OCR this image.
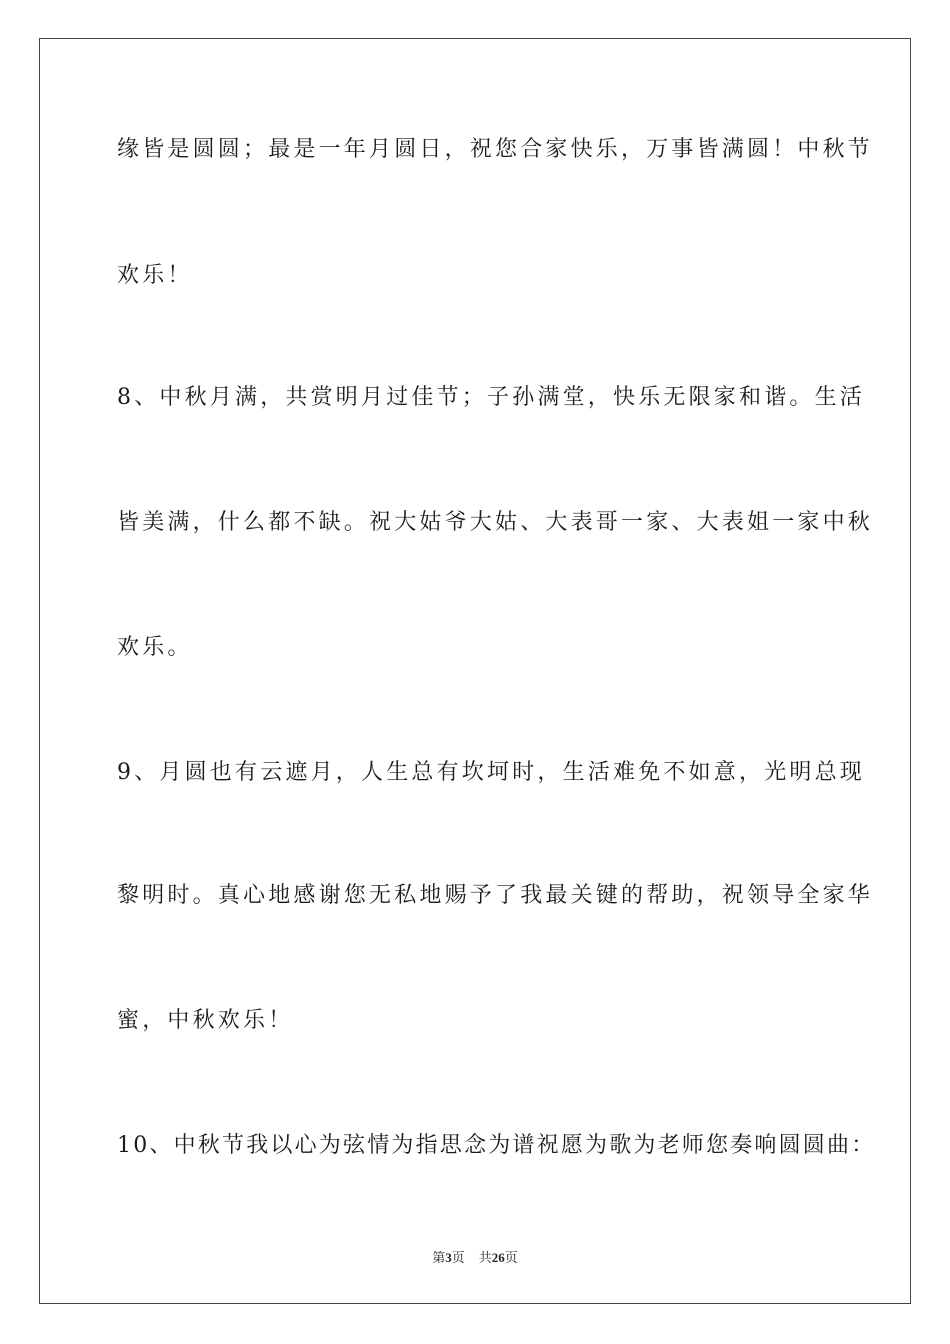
缘皆是圆圆；最是一年月圆日，祝您合家快乐，万事皆满圆！中秋节
欢乐！
8、中秋月满，共赏明月过佳节；子孙满堂，快乐无限家和谐。生活
皆美满，什么都不缺。祝大姑爷大姑、大表哥一家、大表姐一家中秋
欢乐。
9、月圆也有云遮月，人生总有坎坷时，生活难免不如意，光明总现
黎明时。真心地感谢您无私地赐予了我最关键的帮助，祝领导全家华
蜜，中秋欢乐！
10、中秋节我以心为弦情为指思念为谱祝愿为歌为老师您奏响圆圆曲：
第3页 共26页
